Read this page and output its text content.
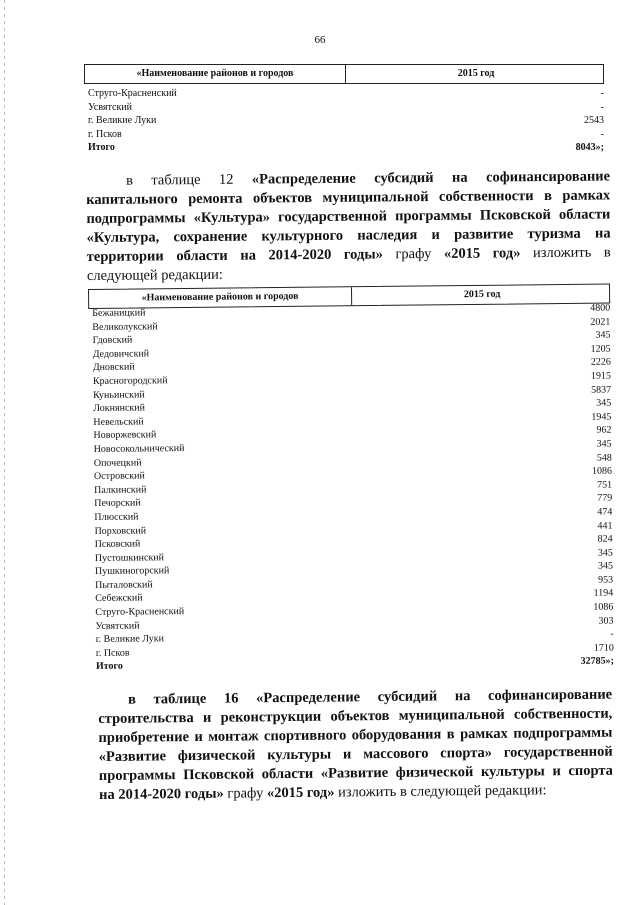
66
«Наименование районов и городов	2015 год
Струго-Красненский	-
Усвятский	-
г. Великие Луки	2543
г. Псков	-
Итого	8043»;
в таблице 12 «Распределение субсидий на софинансирование
капитального ремонта объектов муниципальной собственности в рамках
подпрограммы «Культура» государственной программы Псковской области
«Культура, сохранение культурного наследия и развитие туризма на
территории области на 2014-2020 годы» графу «2015 год» изложить в
следующей редакции:
«Наименование районов и городов	2015 год
Бежаницкий	4800
Великолукский	2021
Гдовский	345
Дедовичский	1205
Дновский	2226
Красногородский	1915
Куньинский	5837
Локнянский	345
Невельский	1945
Новоржевский	962
Новосокольнический	345
Опочецкий	548
Островский	1086
Палкинский	751
Печорский	779
Плюсский	474
Порховский	441
Псковский	824
Пустошкинский	345
Пушкиногорский	345
Пыталовский	953
Себежский	1194
Струго-Красненский	1086
Усвятский	303
г. Великие Луки	-
г. Псков	1710
Итого	32785»;
в таблице 16 «Распределение субсидий на софинансирование
строительства и реконструкции объектов муниципальной собственности,
приобретение и монтаж спортивного оборудования в рамках подпрограммы
«Развитие физической культуры и массового спорта» государственной
программы Псковской области «Развитие физической культуры и спорта
на 2014-2020 годы» графу «2015 год» изложить в следующей редакции:
